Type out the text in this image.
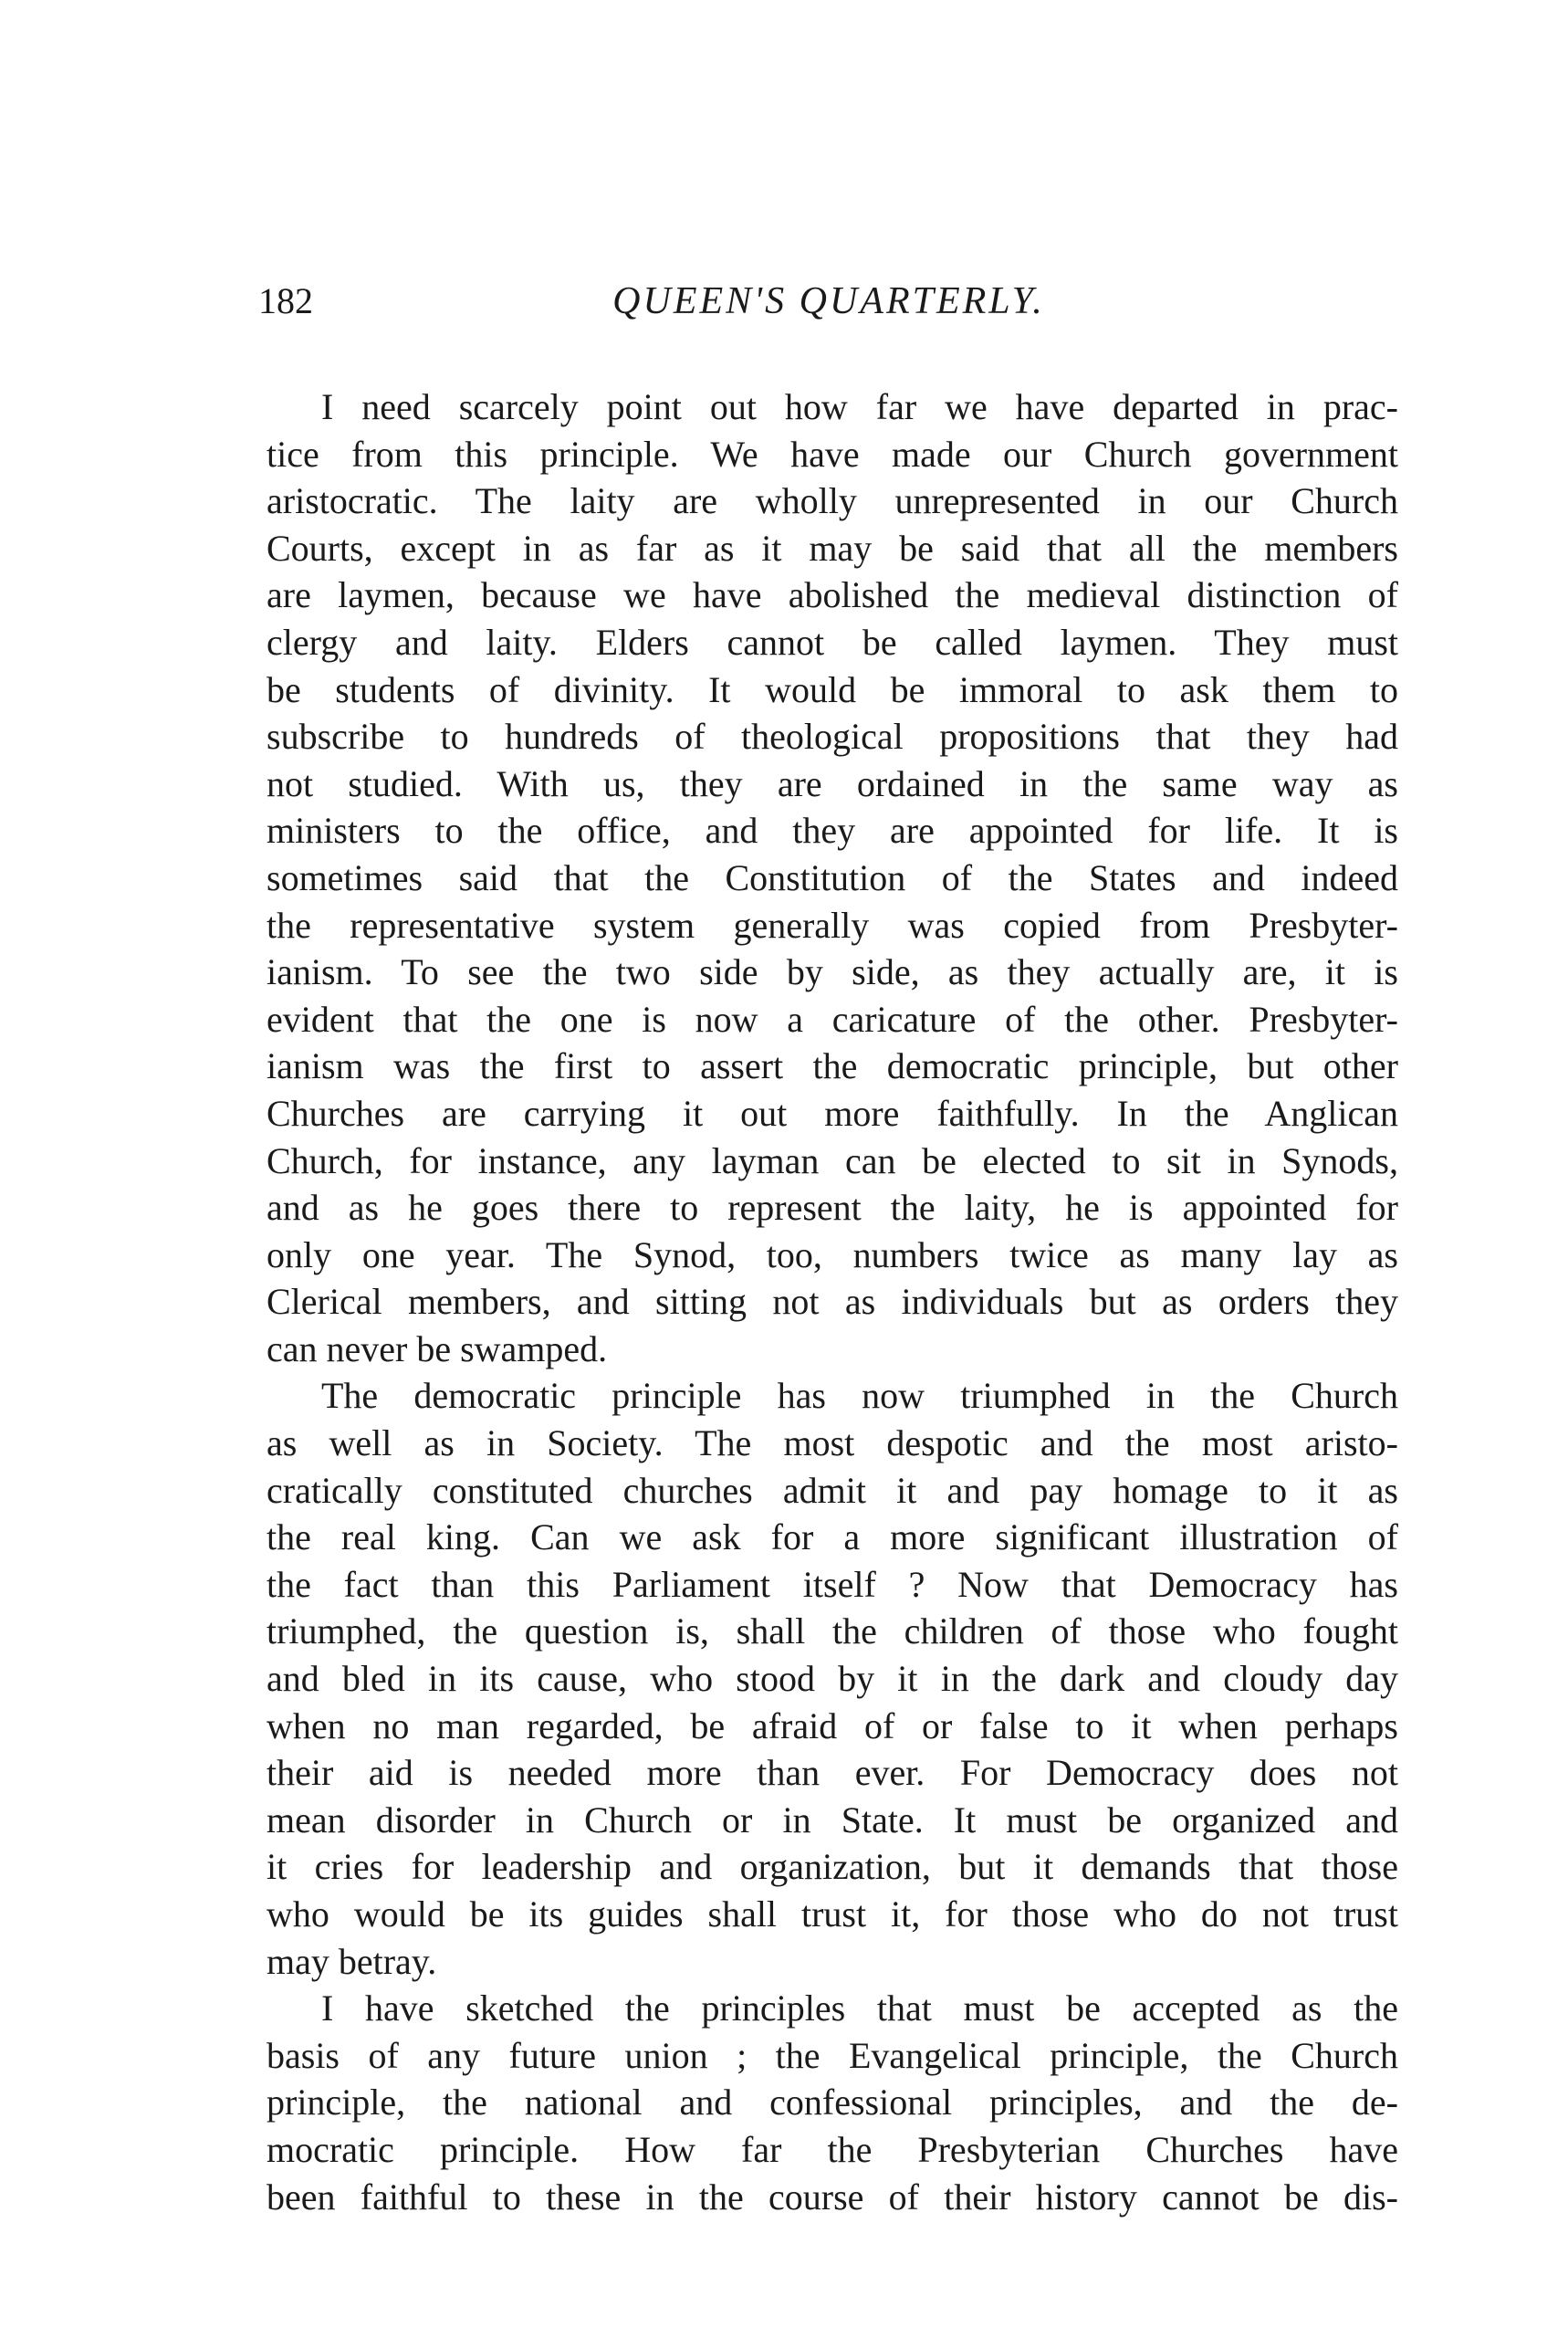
182	QUEEN'S QUARTERLY.
I need scarcely point out how far we have departed in prac-
tice from this principle. We have made our Church government
aristocratic. The laity are wholly unrepresented in our Church
Courts, except in as far as it may be said that all the members
are laymen, because we have abolished the medieval distinction of
clergy and laity. Elders cannot be called laymen. They must
be students of divinity. It would be immoral to ask them to
subscribe to hundreds of theological propositions that they had
not studied. With us, they are ordained in the same way as
ministers to the office, and they are appointed for life. It is
sometimes said that the Constitution of the States and indeed
the representative system generally was copied from Presbyter-
ianism. To see the two side by side, as they actually are, it is
evident that the one is now a caricature of the other. Presbyter-
ianism was the first to assert the democratic principle, but other
Churches are carrying it out more faithfully. In the Anglican
Church, for instance, any layman can be elected to sit in Synods,
and as he goes there to represent the laity, he is appointed for
only one year. The Synod, too, numbers twice as many lay as
Clerical members, and sitting not as individuals but as orders they
can never be swamped.
The democratic principle has now triumphed in the Church
as well as in Society. The most despotic and the most aristo-
cratically constituted churches admit it and pay homage to it as
the real king. Can we ask for a more significant illustration of
the fact than this Parliament itself ? Now that Democracy has
triumphed, the question is, shall the children of those who fought
and bled in its cause, who stood by it in the dark and cloudy day
when no man regarded, be afraid of or false to it when perhaps
their aid is needed more than ever. For Democracy does not
mean disorder in Church or in State. It must be organized and
it cries for leadership and organization, but it demands that those
who would be its guides shall trust it, for those who do not trust
may betray.
I have sketched the principles that must be accepted as the
basis of any future union ; the Evangelical principle, the Church
principle, the national and confessional principles, and the de-
mocratic principle. How far the Presbyterian Churches have
been faithful to these in the course of their history cannot be dis-
